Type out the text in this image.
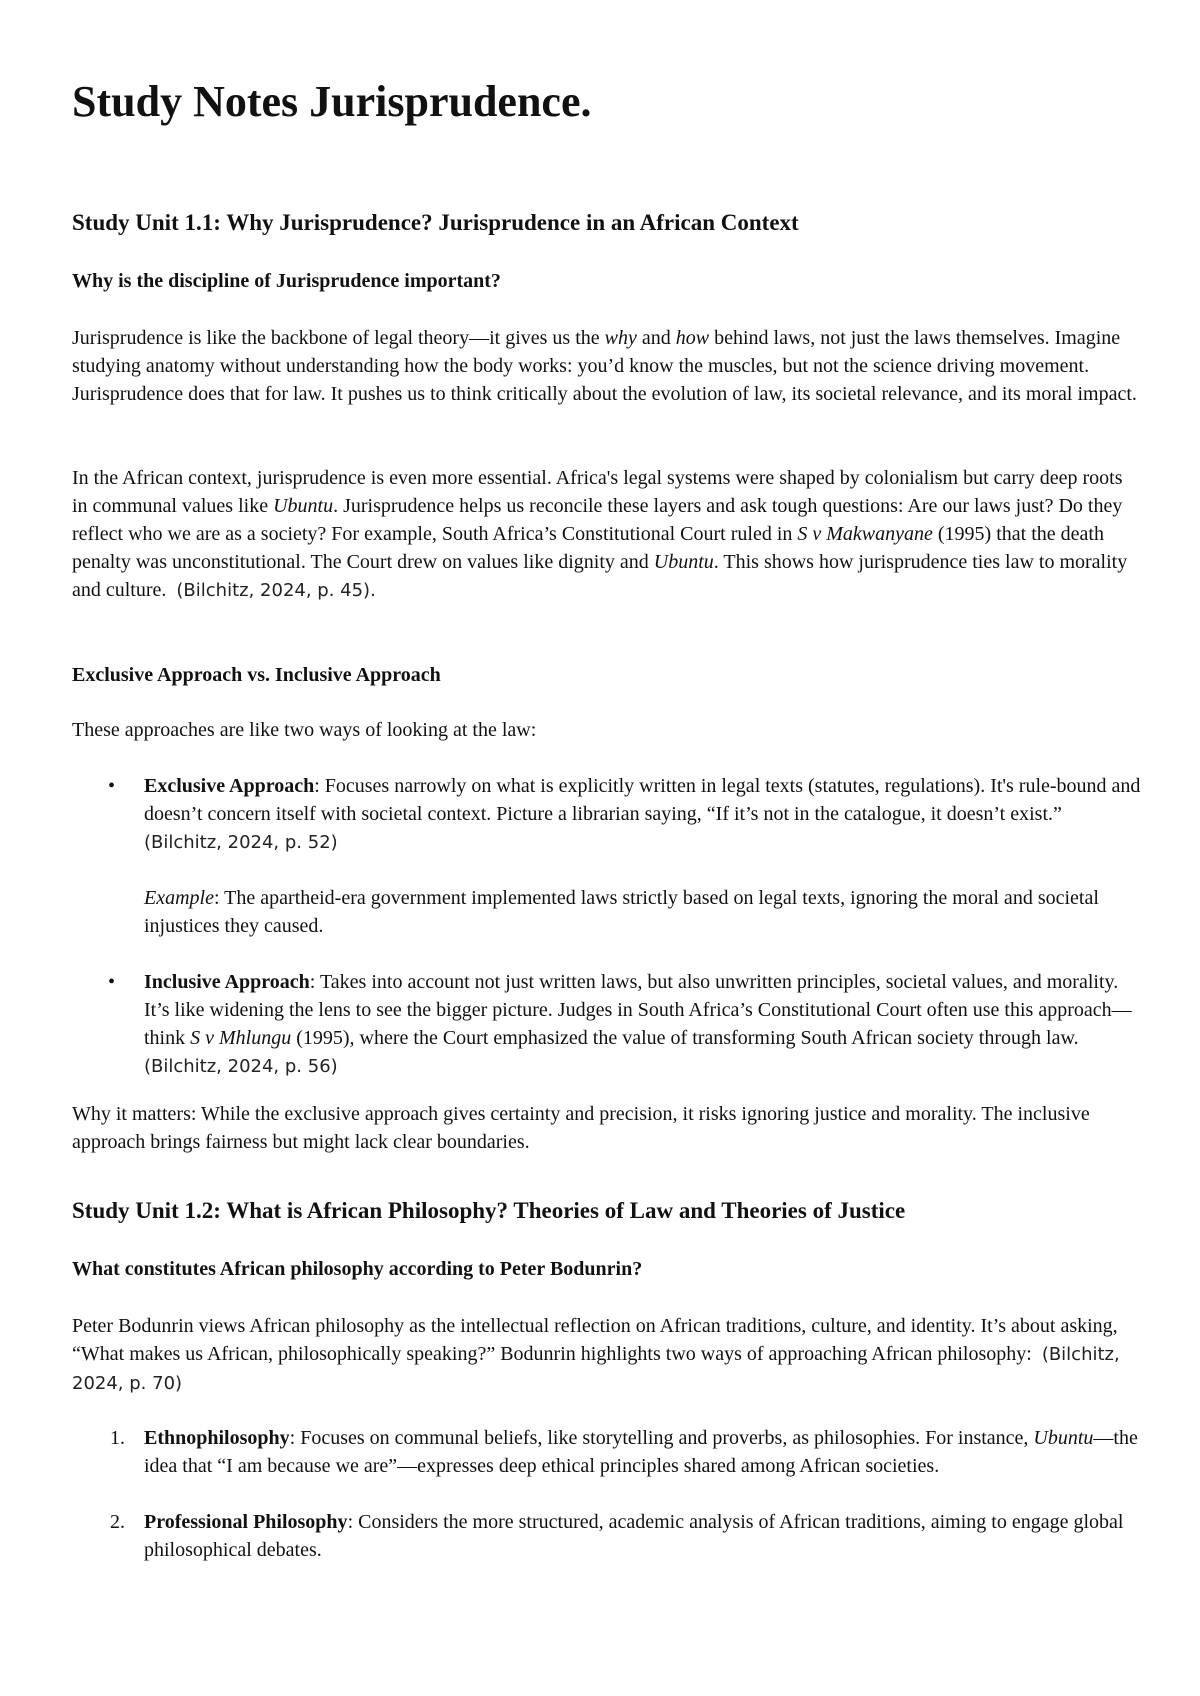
Study Notes Jurisprudence.
Study Unit 1.1: Why Jurisprudence? Jurisprudence in an African Context
Why is the discipline of Jurisprudence important?

Jurisprudence is like the backbone of legal theory—it gives us the why and how behind laws, not just the laws themselves. Imagine studying anatomy without understanding how the body works: you’d know the muscles, but not the science driving movement. Jurisprudence does that for law. It pushes us to think critically about the evolution of law, its societal relevance, and its moral impact.

In the African context, jurisprudence is even more essential. Africa's legal systems were shaped by colonialism but carry deep roots in communal values like Ubuntu. Jurisprudence helps us reconcile these layers and ask tough questions: Are our laws just? Do they reflect who we are as a society? For example, South Africa’s Constitutional Court ruled in S v Makwanyane (1995) that the death penalty was unconstitutional. The Court drew on values like dignity and Ubuntu. This shows how jurisprudence ties law to morality and culture. (Bilchitz, 2024, p. 45).

Exclusive Approach vs. Inclusive Approach

These approaches are like two ways of looking at the law:

• Exclusive Approach: Focuses narrowly on what is explicitly written in legal texts (statutes, regulations). It's rule-bound and doesn’t concern itself with societal context. Picture a librarian saying, “If it’s not in the catalogue, it doesn’t exist.”  (Bilchitz, 2024, p. 52)

Example: The apartheid-era government implemented laws strictly based on legal texts, ignoring the moral and societal injustices they caused.

• Inclusive Approach: Takes into account not just written laws, but also unwritten principles, societal values, and morality. It’s like widening the lens to see the bigger picture. Judges in South Africa’s Constitutional Court often use this approach—think S v Mhlungu (1995), where the Court emphasized the value of transforming South African society through law.   (Bilchitz, 2024, p. 56)

Why it matters: While the exclusive approach gives certainty and precision, it risks ignoring justice and morality. The inclusive approach brings fairness but might lack clear boundaries.

Study Unit 1.2: What is African Philosophy? Theories of Law and Theories of Justice
What constitutes African philosophy according to Peter Bodunrin?

Peter Bodunrin views African philosophy as the intellectual reflection on African traditions, culture, and identity. It’s about asking, “What makes us African, philosophically speaking?” Bodunrin highlights two ways of approaching African philosophy: (Bilchitz, 2024, p. 70)

1. Ethnophilosophy: Focuses on communal beliefs, like storytelling and proverbs, as philosophies. For instance, Ubuntu—the idea that “I am because we are”—expresses deep ethical principles shared among African societies.

2. Professional Philosophy: Considers the more structured, academic analysis of African traditions, aiming to engage global philosophical debates.
